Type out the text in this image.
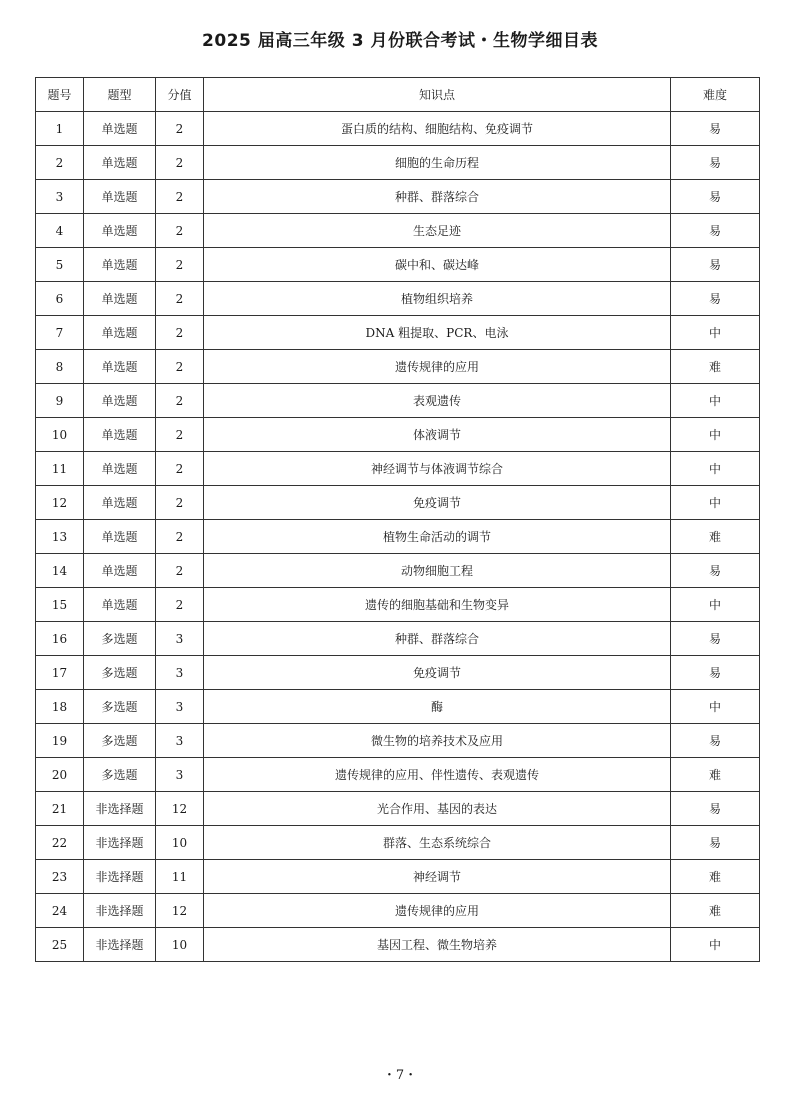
2025 届高三年级 3 月份联合考试・生物学细目表
题号	题型	分值	知识点	难度
1	单选题	2	蛋白质的结构、细胞结构、免疫调节	易
2	单选题	2	细胞的生命历程	易
3	单选题	2	种群、群落综合	易
4	单选题	2	生态足迹	易
5	单选题	2	碳中和、碳达峰	易
6	单选题	2	植物组织培养	易
7	单选题	2	DNA 粗提取、PCR、电泳	中
8	单选题	2	遗传规律的应用	难
9	单选题	2	表观遗传	中
10	单选题	2	体液调节	中
11	单选题	2	神经调节与体液调节综合	中
12	单选题	2	免疫调节	中
13	单选题	2	植物生命活动的调节	难
14	单选题	2	动物细胞工程	易
15	单选题	2	遗传的细胞基础和生物变异	中
16	多选题	3	种群、群落综合	易
17	多选题	3	免疫调节	易
18	多选题	3	酶	中
19	多选题	3	微生物的培养技术及应用	易
20	多选题	3	遗传规律的应用、伴性遗传、表观遗传	难
21	非选择题	12	光合作用、基因的表达	易
22	非选择题	10	群落、生态系统综合	易
23	非选择题	11	神经调节	难
24	非选择题	12	遗传规律的应用	难
25	非选择题	10	基因工程、微生物培养	中
・7・
